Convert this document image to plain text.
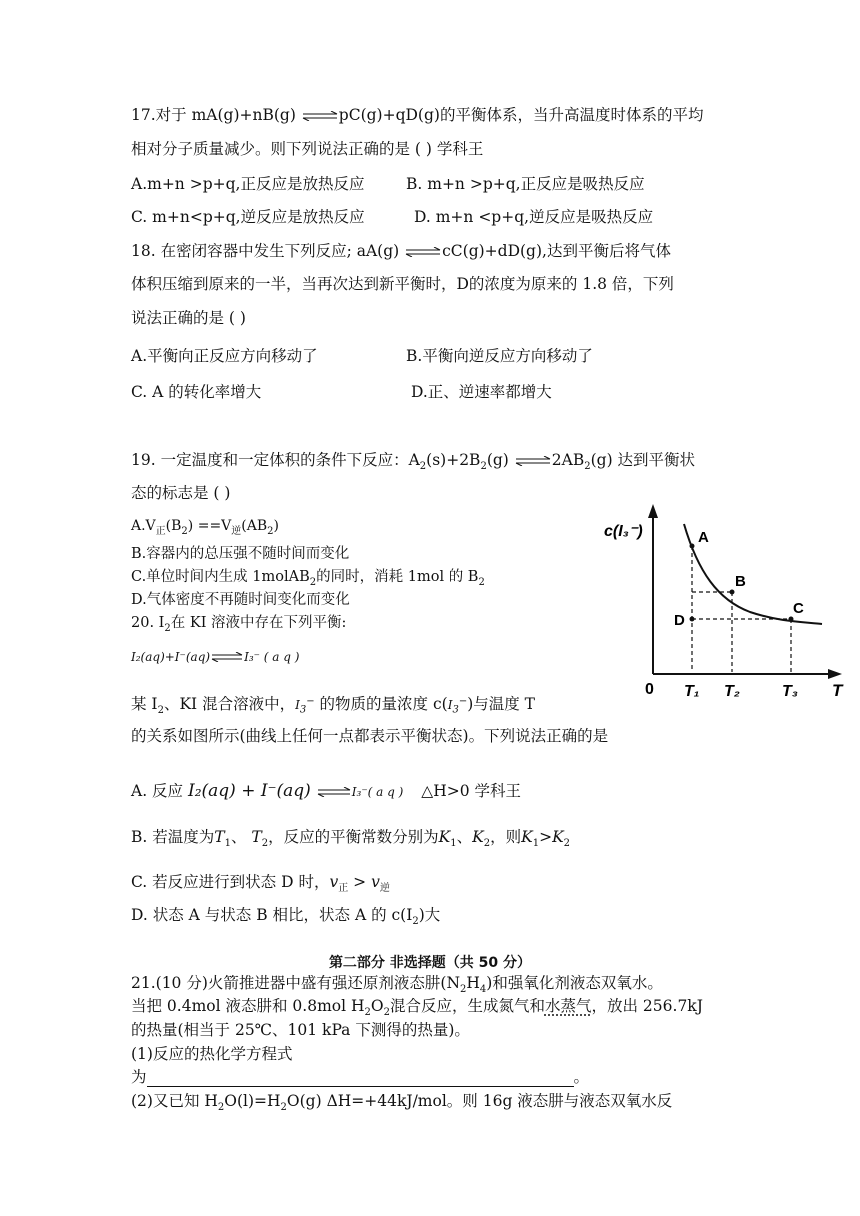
17.对于 mA(g)+nB(g) ⇌pC(g)+qD(g)的平衡体系，当升高温度时体系的平均
相对分子质量减少。则下列说法正确的是 ( ) 学科王
A.m+n >p+q,正反应是放热反应	B. m+n >p+q,正反应是吸热反应
C. m+n<p+q,逆反应是放热反应	D. m+n <p+q,逆反应是吸热反应
18. 在密闭容器中发生下列反应; aA(g) ⇌cC(g)+dD(g),达到平衡后将气体
体积压缩到原来的一半，当再次达到新平衡时，D的浓度为原来的 1.8 倍，下列
说法正确的是 ( )
A.平衡向正反应方向移动了	B.平衡向逆反应方向移动了
C. A 的转化率增大	D.正、逆速率都增大
19. 一定温度和一定体积的条件下反应：$A_2(s)+2B_2(g)$ $\rightleftharpoons 2AB_2(g)$ 达到平衡状
态的标志是 ( )
$A.V_正(B_2) ==V_逆(AB_2)$
B.容器内的总压强不随时间而变化
C.单位时间内生成 1molAB$_2$的同时，消耗 1mol 的 $B_2$
D.气体密度不再随时间变化而变化
20. $I_2$在 KI 溶液中存在下列平衡:
I₂(aq)+I⁻(aq)⇌I₃⁻ ( a q )
某 $I_2$、KI 混合溶液中，$I_3^-$ 的物质的量浓度 $c(I_3^-)$与温度 T
的关系如图所示(曲线上任何一点都表示平衡状态)。下列说法正确的是
A. 反应 I₂(aq) + I⁻(aq) ⇌I₃⁻( a q ) △H>0 学科王
B. 若温度为$T_1$、 $T_2$，反应的平衡常数分别为$K_1$、$K_2$，则$K_1>K_2$
C. 若反应进行到状态 D 时，$v_正 > v_逆$
D. 状态 A 与状态 B 相比，状态 A 的 $c(I_2)$大
c(I₃⁻)	A
B
C
D
0 T₁ T₂	T₃ T
第二部分 非选择题（共 50 分）
21.(10 分)火箭推进器中盛有强还原剂液态肼$(N_2H_4)$和强氧化剂液态双氧水。
当把 0.4mol 液态肼和 0.8mol $H_2O_2$混合反应，生成氮气和水蒸气，放出 256.7kJ
的热量(相当于 25℃、101 kPa 下测得的热量)。
(1)反应的热化学方程式
为	。
(2)又已知 $H_2O(l)=H_2O(g)$ ΔH=+44kJ/mol。则 16g 液态肼与液态双氧水反
